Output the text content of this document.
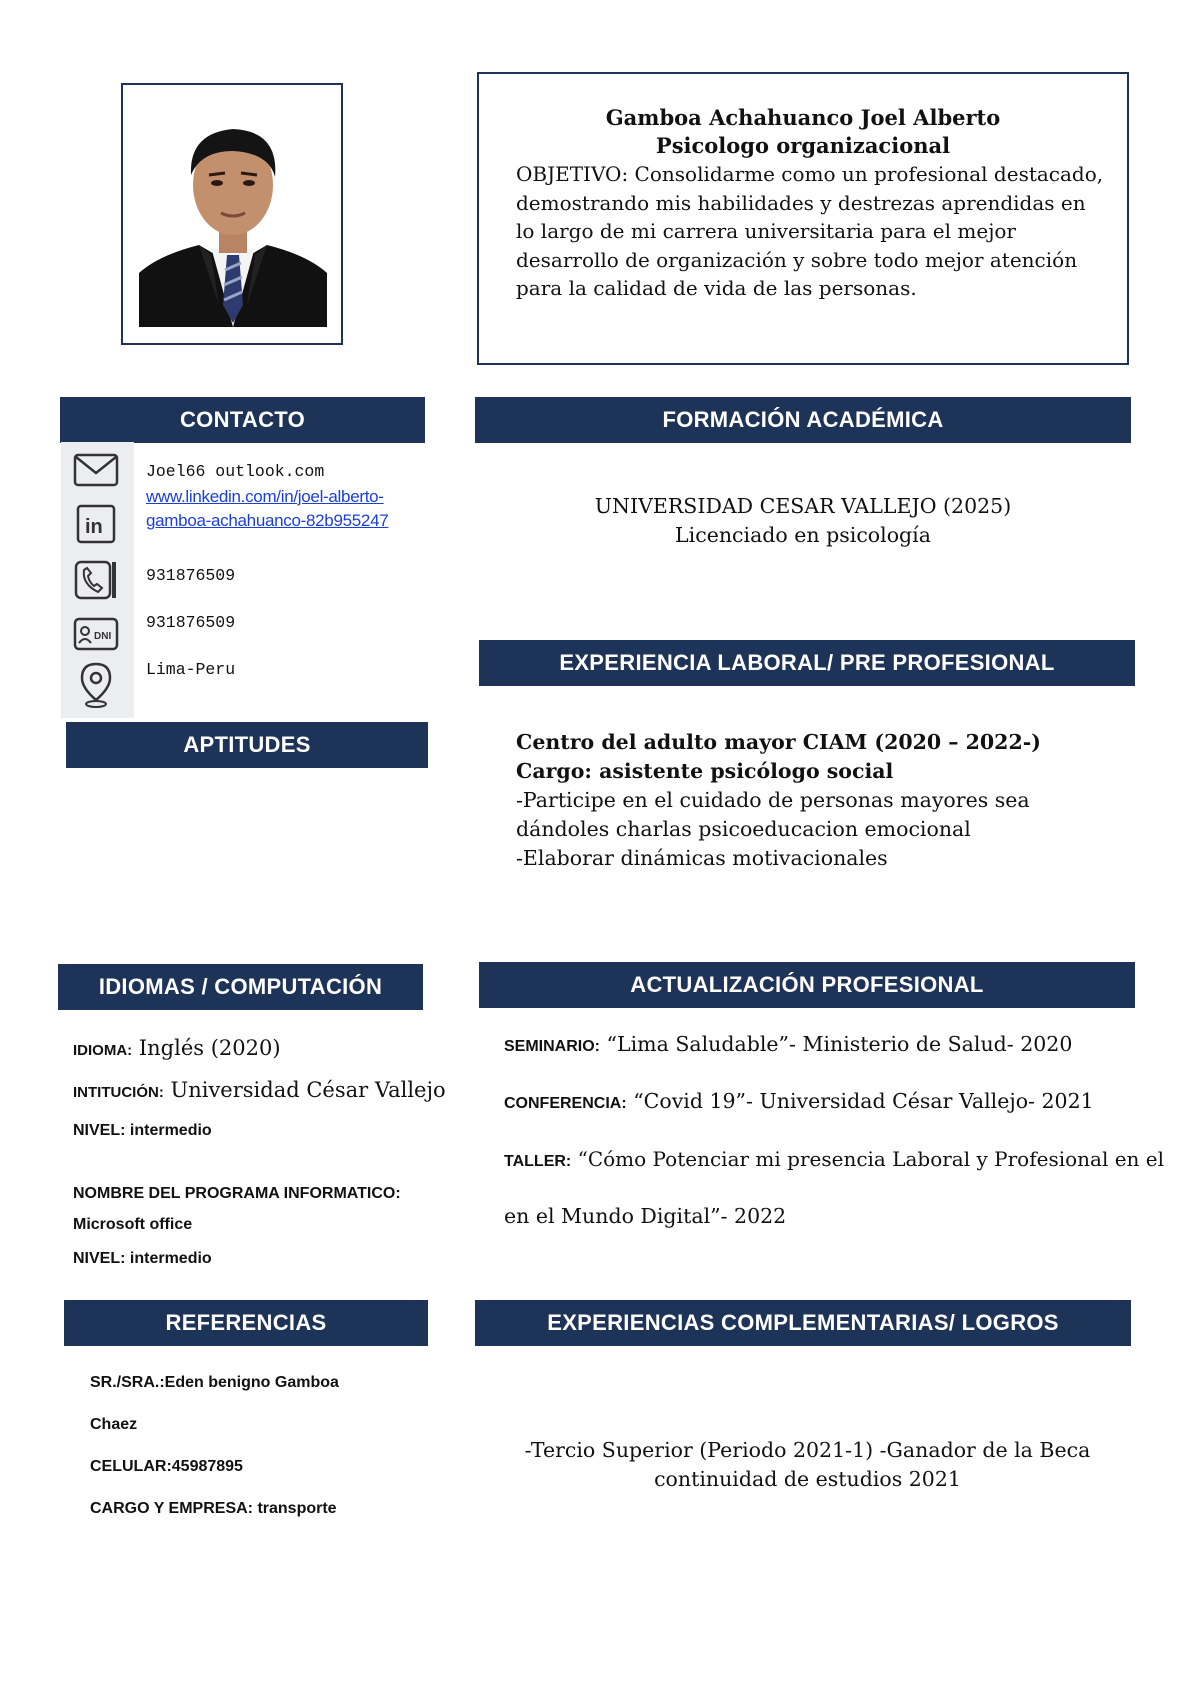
Gamboa Achahuanco Joel Alberto
Psicologo organizacional
OBJETIVO: Consolidarme como un profesional destacado, demostrando mis habilidades y destrezas aprendidas en lo largo de mi carrera universitaria para el mejor desarrollo de organización y sobre todo mejor atención para la calidad de vida de las personas.
CONTACTO
in
DNI
Joel66 outlook.com
www.linkedin.com/in/joel-alberto-
gamboa-achahuanco-82b955247
931876509
931876509
Lima-Peru
APTITUDES
FORMACIÓN ACADÉMICA
UNIVERSIDAD CESAR VALLEJO (2025)
Licenciado en psicología
EXPERIENCIA LABORAL/ PRE PROFESIONAL
Centro del adulto mayor CIAM (2020 – 2022-)
Cargo: asistente psicólogo social
-Participe en el cuidado de personas mayores sea
dándoles charlas psicoeducacion emocional
-Elaborar dinámicas motivacionales
IDIOMAS / COMPUTACIÓN
IDIOMA: Inglés (2020)
INTITUCIÓN: Universidad César Vallejo
NIVEL: intermedio
NOMBRE DEL PROGRAMA INFORMATICO:
Microsoft office
NIVEL: intermedio
ACTUALIZACIÓN PROFESIONAL
SEMINARIO: “Lima Saludable”- Ministerio de Salud- 2020
CONFERENCIA: “Covid 19”- Universidad César Vallejo- 2021
TALLER: “Cómo Potenciar mi presencia Laboral y Profesional en el
en el Mundo Digital”- 2022
REFERENCIAS
SR./SRA.:Eden benigno Gamboa
Chaez
CELULAR:45987895
CARGO Y EMPRESA: transporte
EXPERIENCIAS COMPLEMENTARIAS/ LOGROS
-Tercio Superior (Periodo 2021-1) -Ganador de la Beca
continuidad de estudios 2021
